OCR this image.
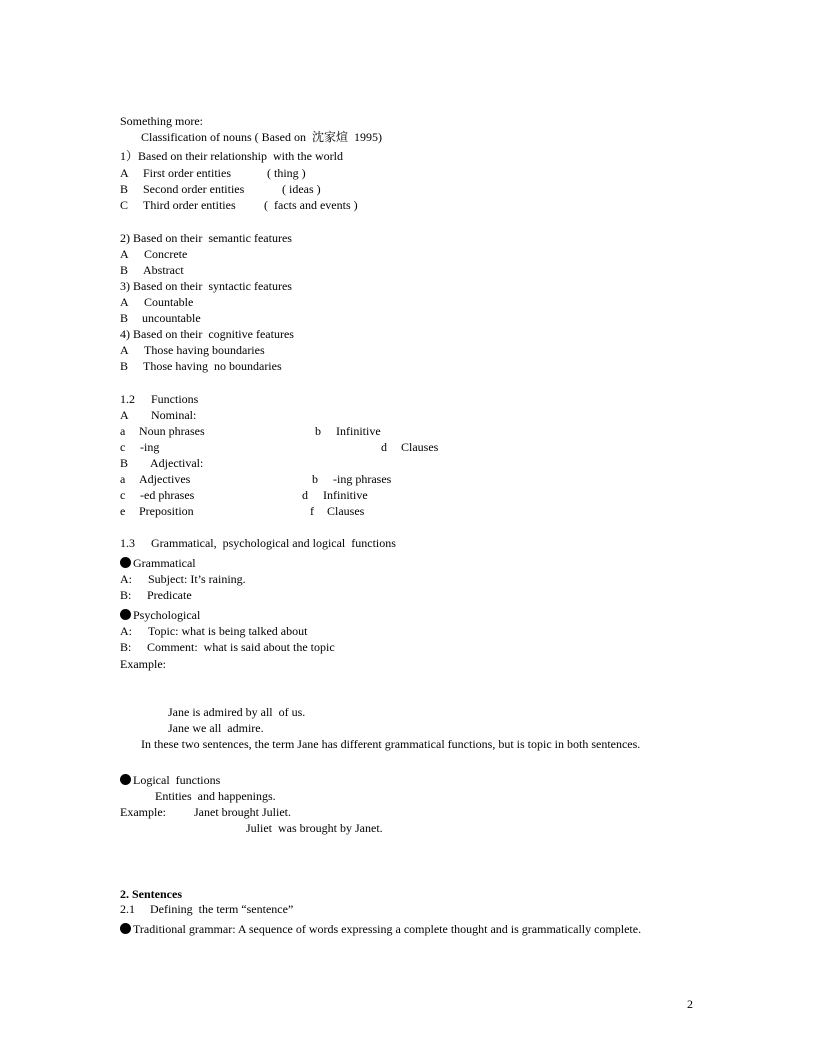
Something more:
Classification of nouns ( Based on  沈家煊  1995)
1）Based on their relationship  with the world
A First order entities	( thing )
B Second order entities	( ideas )
C Third order entities (  facts and events )
2) Based on their  semantic features
A Concrete
B Abstract
3) Based on their  syntactic features
A Countable
B uncountable
4) Based on their  cognitive features
A Those having boundaries
B Those having  no boundaries
1.2 Functions
A Nominal:
a Noun phrases	b Infinitive
c -ing	d Clauses
B Adjectival:
a Adjectives	b -ing phrases
c -ed phrases	d Infinitive
e Preposition	f Clauses
1.3 Grammatical,  psychological and logical  functions
Grammatical
A: Subject: It’s raining.
B: Predicate
Psychological
A: Topic: what is being talked about
B: Comment:  what is said about the topic
Example:
Jane is admired by all  of us.
Jane we all  admire.
In these two sentences, the term Jane has different grammatical functions, but is topic in both sentences.
Logical  functions
Entities  and happenings.
Example: Janet brought Juliet.
Juliet  was brought by Janet.
2. Sentences
2.1 Defining  the term “sentence”
Traditional grammar: A sequence of words expressing a complete thought and is grammatically complete.
2
